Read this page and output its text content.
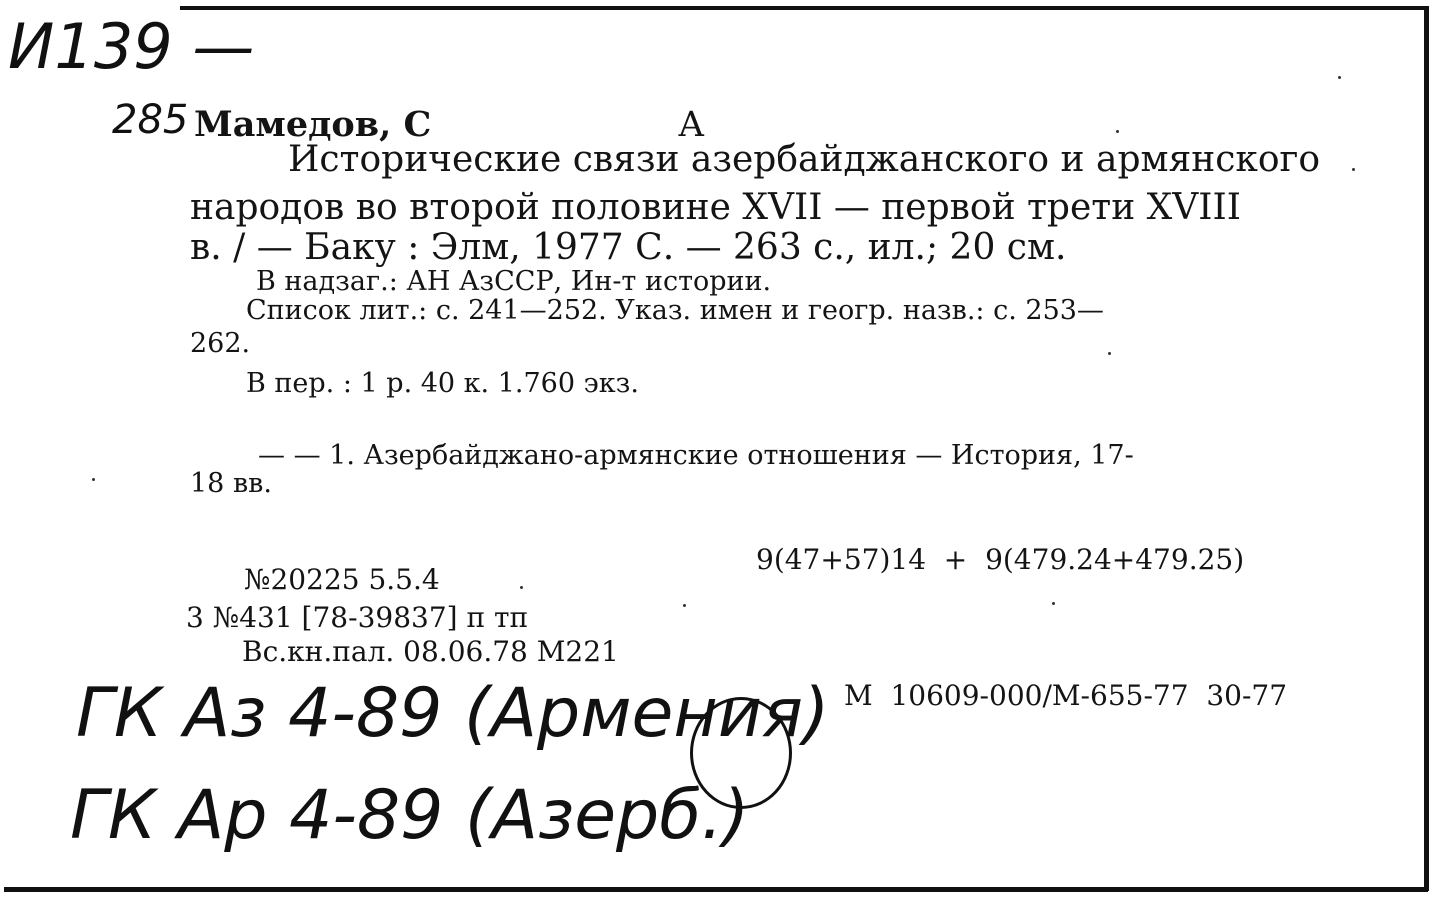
И139 —
285 Мамедов, С	А
Исторические связи азербайджанского и армянского
народов во второй половине XVII — первой трети XVIII
в. / — Баку : Элм, 1977 С. — 263 с., ил.; 20 см.
В надзаг.: АН АзССР, Ин-т истории.
Список лит.: с. 241—252. Указ. имен и геогр. назв.: с. 253—
262.
В пер. : 1 р. 40 к. 1.760 экз.
— — 1. Азербайджано-армянские отношения — История, 17-
18 вв.
9(47+57)14  +  9(479.24+479.25)
№20225 5.5.4
3 №431 [78-39837] п тп
Вс.кн.пал. 08.06.78 М221
М  10609-000/М-655-77  30-77
ГК Аз 4-89 (Армения)
ГК Ар 4-89 (Азерб.)
